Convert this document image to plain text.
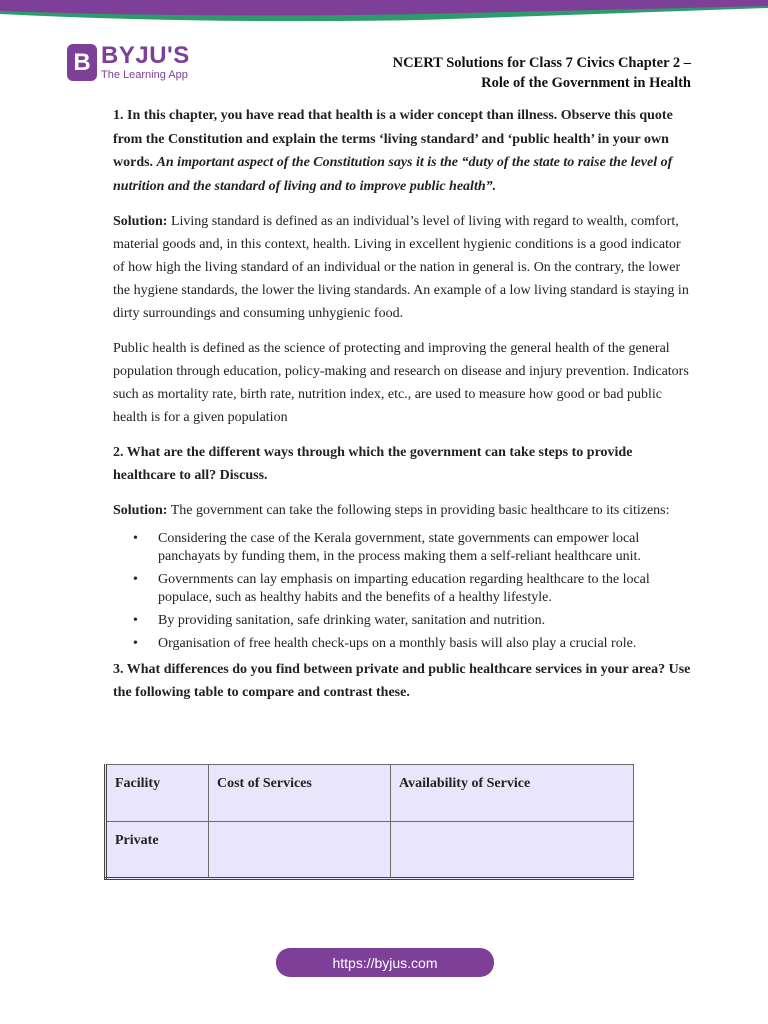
B BYJU'S
The Learning App
NCERT Solutions for Class 7 Civics Chapter 2 –
Role of the Government in Health

1. In this chapter, you have read that health is a wider concept than illness. Observe this quote from the Constitution and explain the terms ‘living standard’ and ‘public health’ in your own words. An important aspect of the Constitution says it is the “duty of the state to raise the level of nutrition and the standard of living and to improve public health”.

Solution: Living standard is defined as an individual’s level of living with regard to wealth, comfort, material goods and, in this context, health. Living in excellent hygienic conditions is a good indicator of how high the living standard of an individual or the nation in general is. On the contrary, the lower the hygiene standards, the lower the living standards. An example of a low living standard is staying in dirty surroundings and consuming unhygienic food.

Public health is defined as the science of protecting and improving the general health of the general population through education, policy-making and research on disease and injury prevention. Indicators such as mortality rate, birth rate, nutrition index, etc., are used to measure how good or bad public health is for a given population

2. What are the different ways through which the government can take steps to provide healthcare to all? Discuss.

Solution: The government can take the following steps in providing basic healthcare to its citizens:

• Considering the case of the Kerala government, state governments can empower local panchayats by funding them, in the process making them a self-reliant healthcare unit.
• Governments can lay emphasis on imparting education regarding healthcare to the local populace, such as healthy habits and the benefits of a healthy lifestyle.
• By providing sanitation, safe drinking water, sanitation and nutrition.
• Organisation of free health check-ups on a monthly basis will also play a crucial role.

3. What differences do you find between private and public healthcare services in your area? Use the following table to compare and contrast these.

Facility	Cost of Services	Availability of Service
Private		
https://byjus.com
